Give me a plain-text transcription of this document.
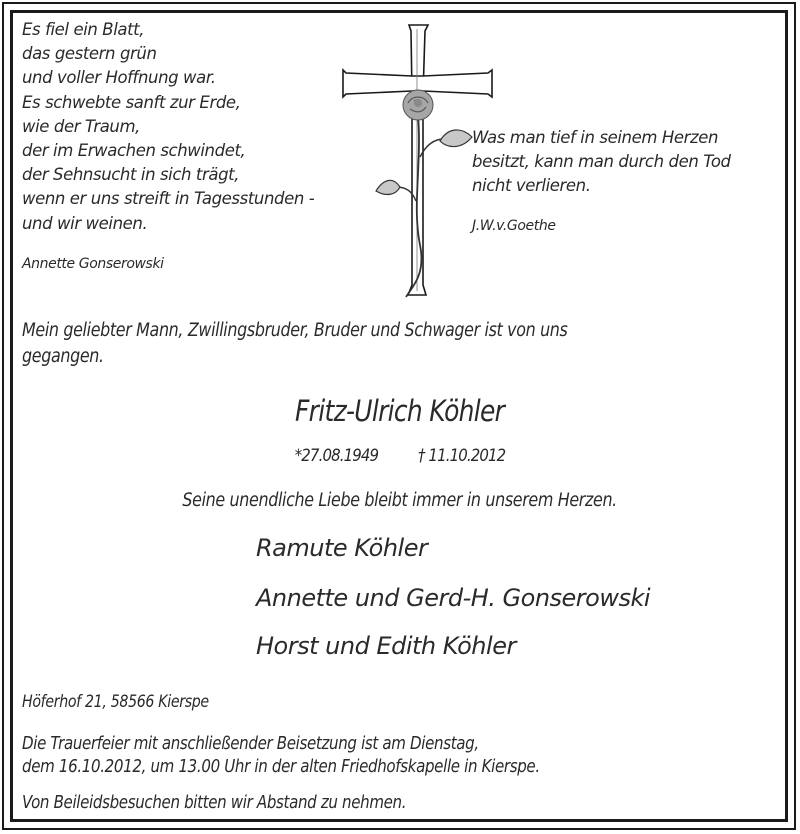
Es fiel ein Blatt,
das gestern grün
und voller Hoffnung war.
Es schwebte sanft zur Erde,
wie der Traum,
der im Erwachen schwindet,
der Sehnsucht in sich trägt,
wenn er uns streift in Tagesstunden -
und wir weinen.
Annette Gonserowski
Was man tief in seinem Herzen
besitzt, kann man durch den Tod
nicht verlieren.
J.W.v.Goethe
Mein geliebter Mann, Zwillingsbruder, Bruder und Schwager ist von uns
gegangen.
Fritz-Ulrich Köhler
*27.08.1949 † 11.10.2012
Seine unendliche Liebe bleibt immer in unserem Herzen.
Ramute Köhler
Annette und Gerd-H. Gonserowski
Horst und Edith Köhler
Höferhof 21, 58566 Kierspe
Die Trauerfeier mit anschließender Beisetzung ist am Dienstag,
dem 16.10.2012, um 13.00 Uhr in der alten Friedhofskapelle in Kierspe.
Von Beileidsbesuchen bitten wir Abstand zu nehmen.
